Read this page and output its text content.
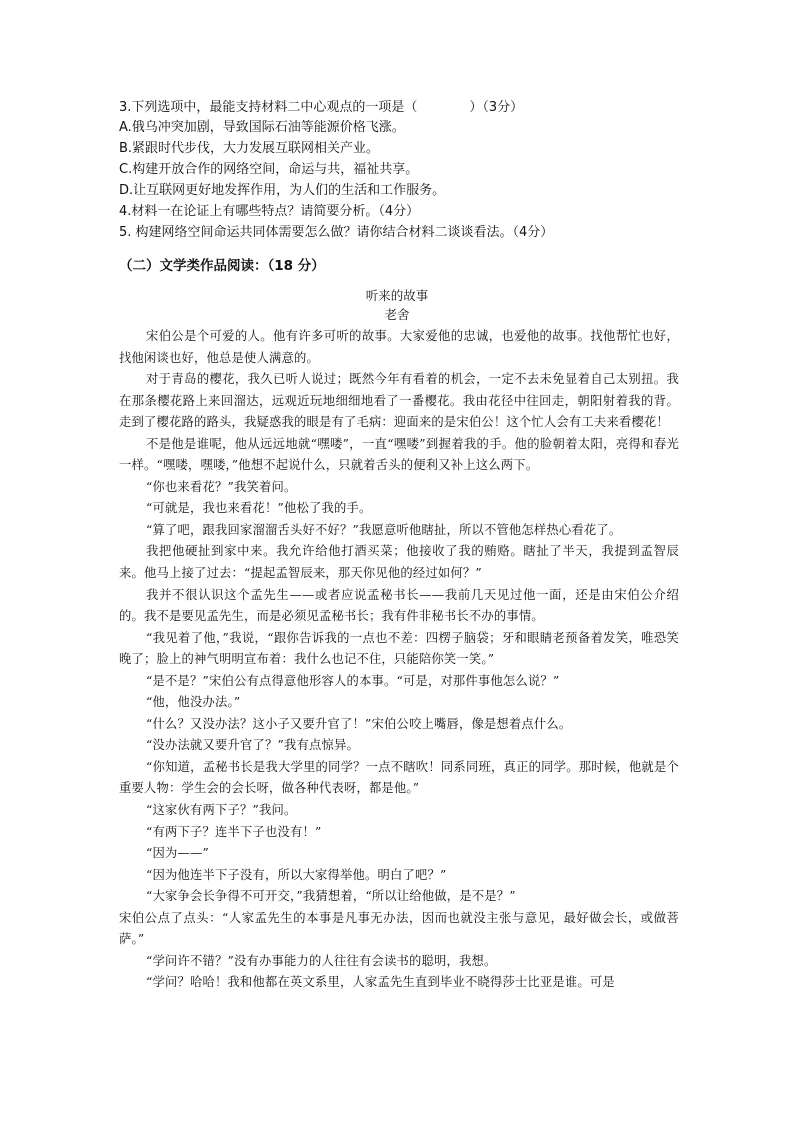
3.下列选项中，最能支持材料二中心观点的一项是（　　　　）（3分）
A.俄乌冲突加剧，导致国际石油等能源价格飞涨。
B.紧跟时代步伐，大力发展互联网相关产业。
C.构建开放合作的网络空间，命运与共，福祉共享。
D.让互联网更好地发挥作用，为人们的生活和工作服务。
4.材料一在论证上有哪些特点？请简要分析。（4分）
5. 构建网络空间命运共同体需要怎么做？请你结合材料二谈谈看法。（4分）
（二）文学类作品阅读：（18 分）
听来的故事
老舍

宋伯公是个可爱的人。他有许多可听的故事。大家爱他的忠诚，也爱他的故事。找他帮忙也好，找他闲谈也好，他总是使人满意的。

对于青岛的樱花，我久已听人说过；既然今年有看着的机会，一定不去未免显着自己太别扭。我在那条樱花路上来回溜达，远观近玩地细细地看了一番樱花。我由花径中往回走，朝阳射着我的背。走到了樱花路的路头，我疑惑我的眼是有了毛病：迎面来的是宋伯公！这个忙人会有工夫来看樱花！

不是他是谁呢，他从远远地就“嘿喽”，一直“嘿喽”到握着我的手。他的脸朝着太阳，亮得和春光一样。“嘿喽，嘿喽，”他想不起说什么，只就着舌头的便利又补上这么两下。

“你也来看花？”我笑着问。

“可就是，我也来看花！”他松了我的手。

“算了吧，跟我回家溜溜舌头好不好？”我愿意听他瞎扯，所以不管他怎样热心看花了。

我把他硬扯到家中来。我允许给他打酒买菜；他接收了我的贿赂。瞎扯了半天，我提到孟智辰来。他马上接了过去：“提起孟智辰来，那天你见他的经过如何？”

我并不很认识这个孟先生——或者应说孟秘书长——我前几天见过他一面，还是由宋伯公介绍的。我不是要见孟先生，而是必须见孟秘书长；我有件非秘书长不办的事情。

“我见着了他，”我说，“跟你告诉我的一点也不差：四楞子脑袋；牙和眼睛老预备着发笑，唯恐笑晚了；脸上的神气明明宣布着：我什么也记不住，只能陪你笑一笑。”

“是不是？”宋伯公有点得意他形容人的本事。“可是，对那件事他怎么说？”

“他，他没办法。”

“什么？又没办法？这小子又要升官了！”宋伯公咬上嘴唇，像是想着点什么。

“没办法就又要升官了？”我有点惊异。

“你知道，孟秘书长是我大学里的同学？一点不瞎吹！同系同班，真正的同学。那时候，他就是个重要人物：学生会的会长呀，做各种代表呀，都是他。”

“这家伙有两下子？”我问。

“有两下子？连半下子也没有！”

“因为——”

“因为他连半下子没有，所以大家得举他。明白了吧？”

“大家争会长争得不可开交，”我猜想着，“所以让给他做，是不是？”

宋伯公点了点头：“人家孟先生的本事是凡事无办法，因而也就没主张与意见，最好做会长，或做菩萨。”

“学问许不错？”没有办事能力的人往往有会读书的聪明，我想。

“学问？哈哈！我和他都在英文系里，人家孟先生直到毕业不晓得莎士比亚是谁。可是
